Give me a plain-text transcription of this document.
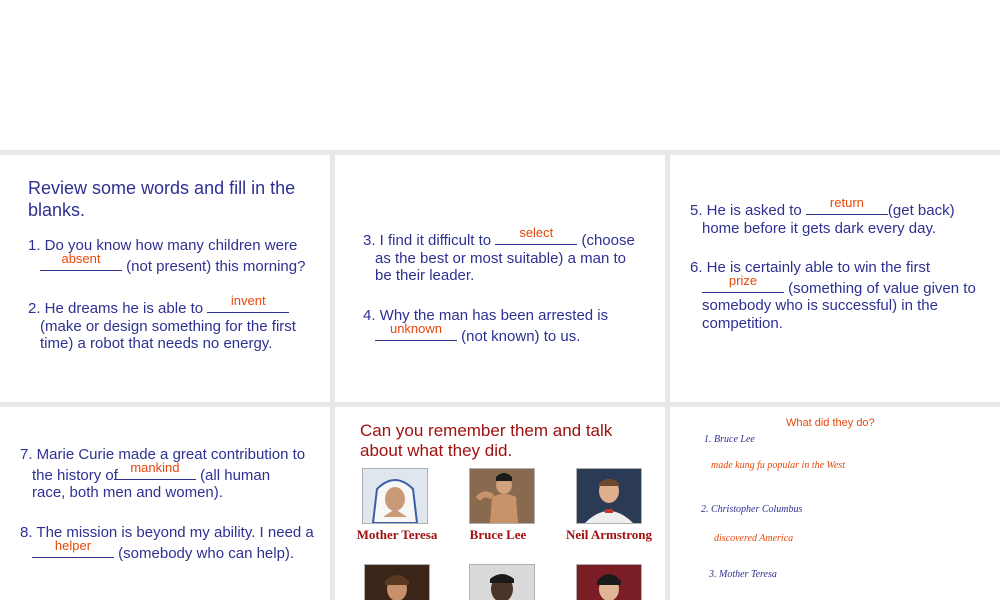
Review some words and fill in the blanks.
1. Do you know how many children were

absent	(not present) this morning?
2. He dreams he is able to	invent

(make or design something for the first
time) a robot that needs no energy.
3. I find it difficult to	select	(choose
as the best or most suitable) a man to
be their leader.
4. Why the man has been arrested is

unknown	(not known) to us.
5. He is asked to	return	(get back)
home before it gets dark every day.
6. He is certainly able to win the first

prize	(something of value given to
somebody who is successful) in the
competition.
7. Marie Curie made a great contribution to
the history of mankind	(all human
race, both men and women).
8. The mission is beyond my ability. I need a

helper	(somebody who can help).
Can you remember them and talk
about what they did.
Mother Teresa	Bruce Lee	Neil Armstrong
What did they do?
1. Bruce Lee
made kung fu popular in the West
2. Christopher Columbus
discovered America
3. Mother Teresa
